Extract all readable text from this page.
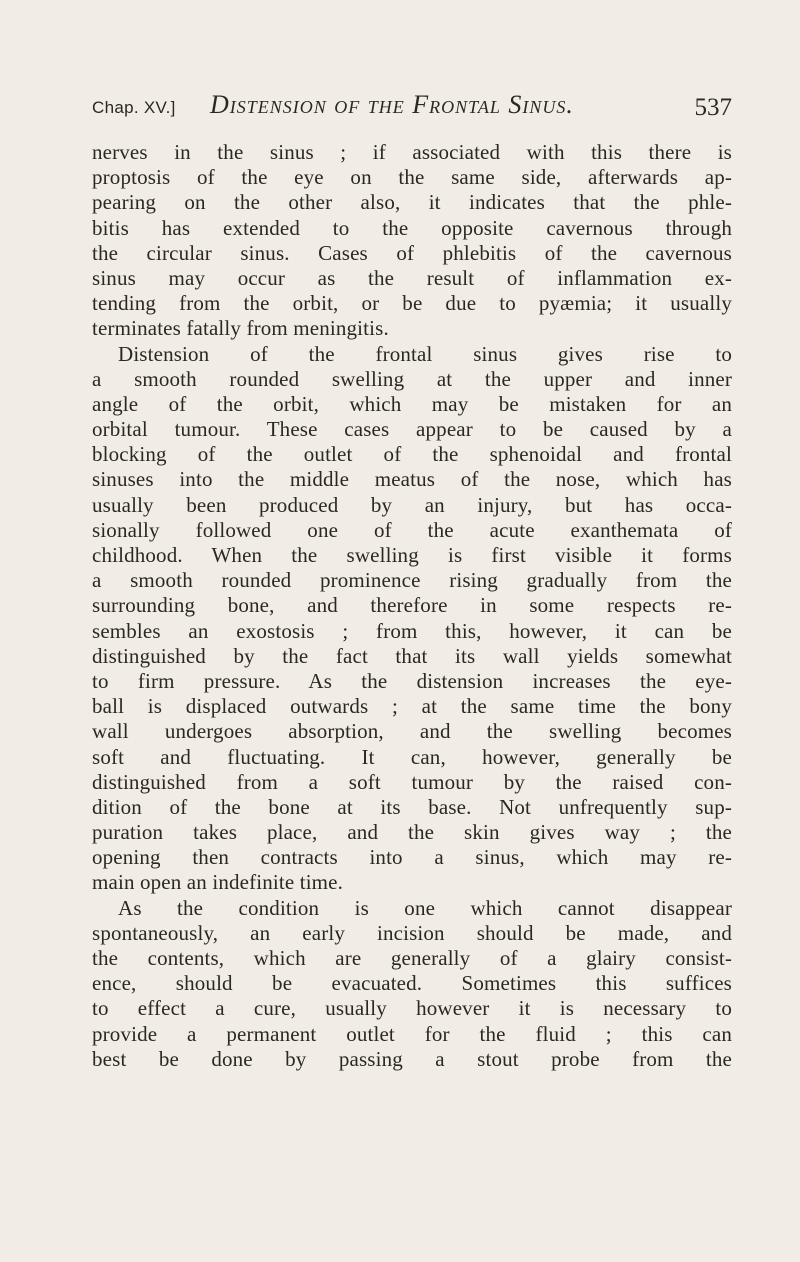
Chap. XV.] Distension of the Frontal Sinus.	537
nerves in the sinus ; if associated with this there is
proptosis of the eye on the same side, afterwards ap-
pearing on the other also, it indicates that the phle-
bitis has extended to the opposite cavernous through
the circular sinus. Cases of phlebitis of the cavernous
sinus may occur as the result of inflammation ex-
tending from the orbit, or be due to pyæmia; it usually
terminates fatally from meningitis.
Distension of the frontal sinus gives rise to
a smooth rounded swelling at the upper and inner
angle of the orbit, which may be mistaken for an
orbital tumour. These cases appear to be caused by a
blocking of the outlet of the sphenoidal and frontal
sinuses into the middle meatus of the nose, which has
usually been produced by an injury, but has occa-
sionally followed one of the acute exanthemata of
childhood. When the swelling is first visible it forms
a smooth rounded prominence rising gradually from the
surrounding bone, and therefore in some respects re-
sembles an exostosis ; from this, however, it can be
distinguished by the fact that its wall yields somewhat
to firm pressure. As the distension increases the eye-
ball is displaced outwards ; at the same time the bony
wall undergoes absorption, and the swelling becomes
soft and fluctuating. It can, however, generally be
distinguished from a soft tumour by the raised con-
dition of the bone at its base. Not unfrequently sup-
puration takes place, and the skin gives way ; the
opening then contracts into a sinus, which may re-
main open an indefinite time.
As the condition is one which cannot disappear
spontaneously, an early incision should be made, and
the contents, which are generally of a glairy consist-
ence, should be evacuated. Sometimes this suffices
to effect a cure, usually however it is necessary to
provide a permanent outlet for the fluid ; this can
best be done by passing a stout probe from the
